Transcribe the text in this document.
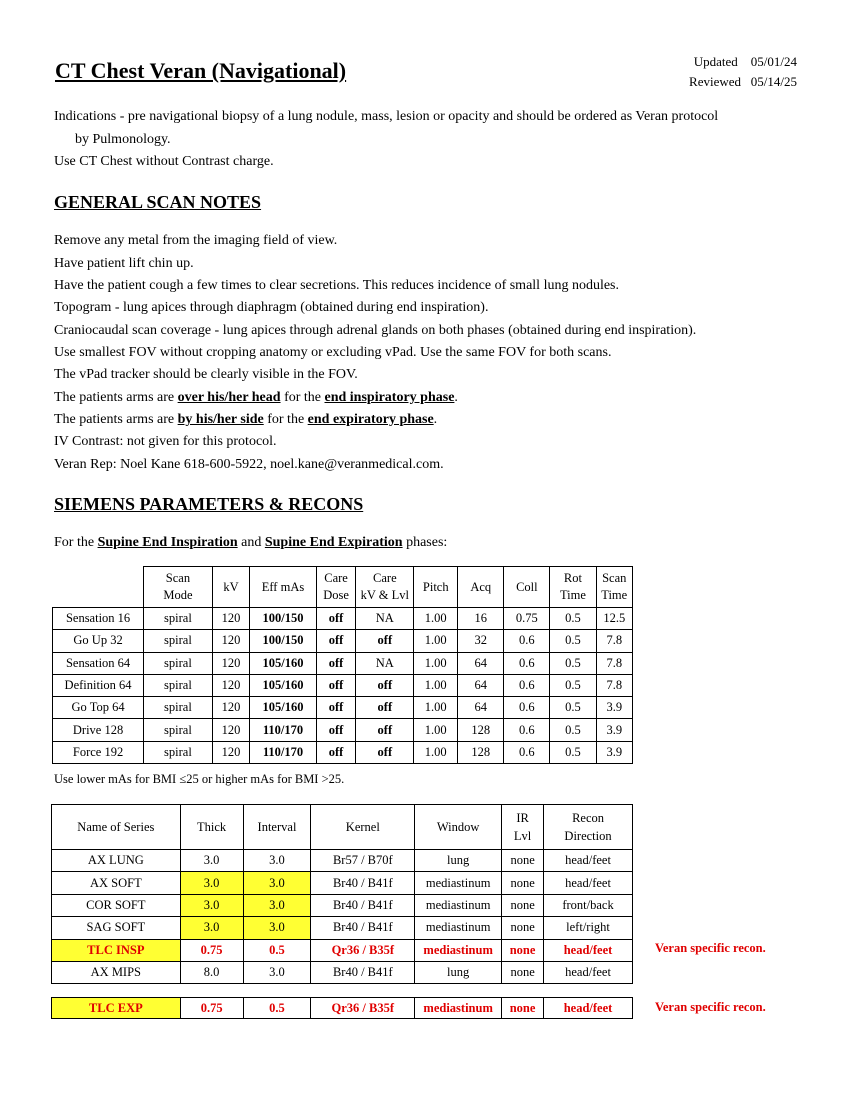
CT Chest Veran (Navigational)	Updated 05/01/24
Reviewed 05/14/25
Indications - pre navigational biopsy of a lung nodule, mass, lesion or opacity and should be ordered as Veran protocol
by Pulmonology.
Use CT Chest without Contrast charge.
GENERAL SCAN NOTES
Remove any metal from the imaging field of view.
Have patient lift chin up.
Have the patient cough a few times to clear secretions. This reduces incidence of small lung nodules.
Topogram - lung apices through diaphragm (obtained during end inspiration).
Craniocaudal scan coverage - lung apices through adrenal glands on both phases (obtained during end inspiration).
Use smallest FOV without cropping anatomy or excluding vPad. Use the same FOV for both scans.
The vPad tracker should be clearly visible in the FOV.
The patients arms are over his/her head for the end inspiratory phase.
The patients arms are by his/her side for the end expiratory phase.
IV Contrast: not given for this protocol.
Veran Rep: Noel Kane 618-600-5922, noel.kane@veranmedical.com.
SIEMENS PARAMETERS & RECONS
For the Supine End Inspiration and Supine End Expiration phases:
	Scan
Mode	kV	Eff mAs	Care
Dose	Care
kV & Lvl	Pitch	Acq	Coll	Rot
Time	Scan
Time
Sensation 16	spiral	120	100/150	off	NA	1.00	16	0.75	0.5	12.5
Go Up 32	spiral	120	100/150	off	off	1.00	32	0.6	0.5	7.8
Sensation 64	spiral	120	105/160	off	NA	1.00	64	0.6	0.5	7.8
Definition 64	spiral	120	105/160	off	off	1.00	64	0.6	0.5	7.8
Go Top 64	spiral	120	105/160	off	off	1.00	64	0.6	0.5	3.9
Drive 128	spiral	120	110/170	off	off	1.00	128	0.6	0.5	3.9
Force 192	spiral	120	110/170	off	off	1.00	128	0.6	0.5	3.9
Use lower mAs for BMI ≤25 or higher mAs for BMI >25.
Name of Series	Thick	Interval	Kernel	Window	IR
Lvl	Recon
Direction
AX LUNG	3.0	3.0	Br57 / B70f	lung	none	head/feet
AX SOFT	3.0	3.0	Br40 / B41f	mediastinum	none	head/feet
COR SOFT	3.0	3.0	Br40 / B41f	mediastinum	none	front/back
SAG SOFT	3.0	3.0	Br40 / B41f	mediastinum	none	left/right
TLC INSP	0.75	0.5	Qr36 / B35f	mediastinum	none	head/feet
AX MIPS	8.0	3.0	Br40 / B41f	lung	none	head/feet
Veran specific recon.
TLC EXP	0.75	0.5	Qr36 / B35f	mediastinum	none	head/feet	Veran specific recon.
